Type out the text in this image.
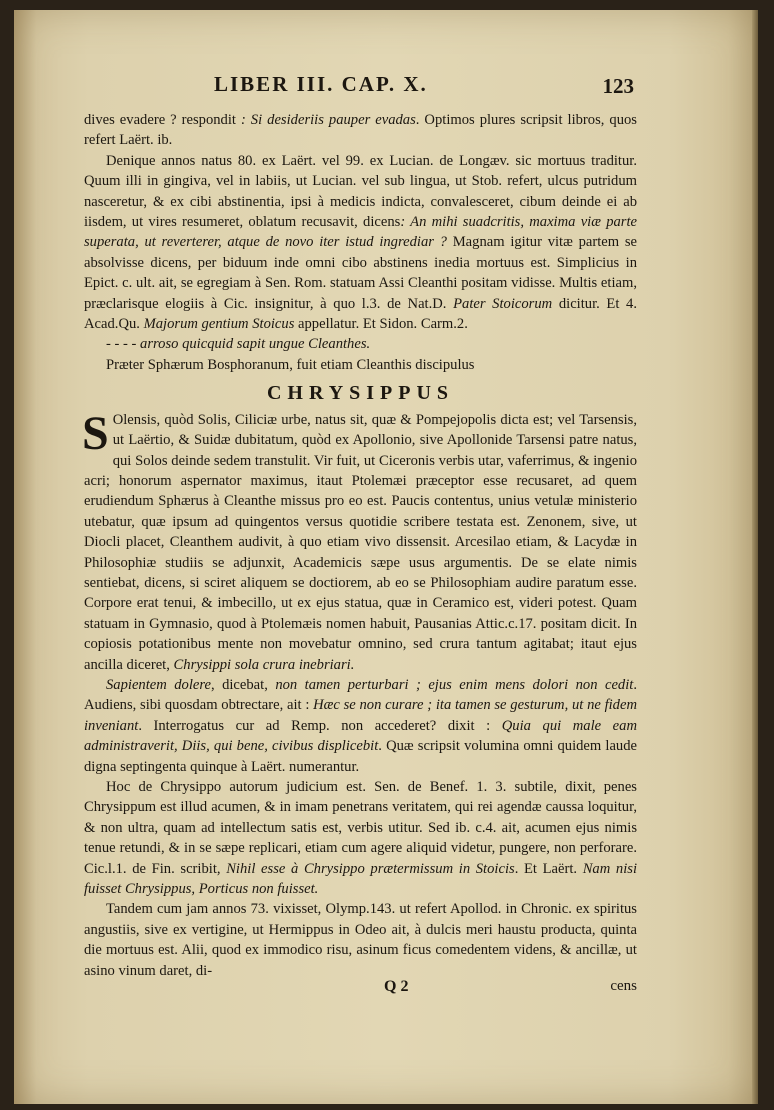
LIBER III. CAP. X.	123

dives evadere ? respondit : Si desideriis pauper evadas. Optimos plures scripsit libros, quos refert Laërt. ib.

Denique annos natus 80. ex Laërt. vel 99. ex Lucian. de Longæv. sic mortuus traditur. Quum illi in gingiva, vel in labiis, ut Lucian. vel sub lingua, ut Stob. refert, ulcus putridum nasceretur, & ex cibi abstinentia, ipsi à medicis indicta, convalesceret, cibum deinde ei ab iisdem, ut vires resumeret, oblatum recusavit, dicens: An mihi suadcritis, maxima viæ parte superata, ut reverterer, atque de novo iter istud ingrediar ? Magnam igitur vitæ partem se absolvisse dicens, per biduum inde omni cibo abstinens inedia mortuus est. Simplicius in Epict. c. ult. ait, se egregiam à Sen. Rom. statuam Assi Cleanthi positam vidisse. Multis etiam, præclarisque elogiis à Cic. insignitur, à quo l.3. de Nat.D. Pater Stoicorum dicitur. Et 4. Acad.Qu. Majorum gentium Stoicus appellatur. Et Sidon. Carm.2.

- - - - arroso quicquid sapit ungue Cleanthes.

Præter Sphærum Bosphoranum, fuit etiam Cleanthis discipulus

CHRYSIPPUS
S Olensis, quòd Solis, Ciliciæ urbe, natus sit, quæ & Pompejopolis dicta est; vel Tarsensis, ut Laërtio, & Suidæ dubitatum, quòd ex Apollonio, sive Apollonide Tarsensi patre natus, qui Solos deinde sedem transtulit. Vir fuit, ut Ciceronis verbis utar, vaferrimus, & ingenio acri; honorum aspernator maximus, itaut Ptolemæi præceptor esse recusaret, ad quem erudiendum Sphærus à Cleanthe missus pro eo est. Paucis contentus, unius vetulæ ministerio utebatur, quæ ipsum ad quingentos versus quotidie scribere testata est. Zenonem, sive, ut Diocli placet, Cleanthem audivit, à quo etiam vivo dissensit. Arcesilao etiam, & Lacydæ in Philosophiæ studiis se adjunxit, Academicis sæpe usus argumentis. De se elate nimis sentiebat, dicens, si sciret aliquem se doctiorem, ab eo se Philosophiam audire paratum esse. Corpore erat tenui, & imbecillo, ut ex ejus statua, quæ in Ceramico est, videri potest. Quam statuam in Gymnasio, quod à Ptolemæis nomen habuit, Pausanias Attic.c.17. positam dicit. In copiosis potationibus mente non movebatur omnino, sed crura tantum agitabat; itaut ejus ancilla diceret, Chrysippi sola crura inebriari.

Sapientem dolere, dicebat, non tamen perturbari ; ejus enim mens dolori non cedit. Audiens, sibi quosdam obtrectare, ait : Hæc se non curare ; ita tamen se gesturum, ut ne fidem inveniant. Interrogatus cur ad Remp. non accederet? dixit : Quia qui male eam administraverit, Diis, qui bene, civibus displicebit. Quæ scripsit volumina omni quidem laude digna septingenta quinque à Laërt. numerantur.

Hoc de Chrysippo autorum judicium est. Sen. de Benef. 1. 3. subtile, dixit, penes Chrysippum est illud acumen, & in imam penetrans veritatem, qui rei agendæ caussa loquitur, & non ultra, quam ad intellectum satis est, verbis utitur. Sed ib. c.4. ait, acumen ejus nimis tenue retundi, & in se sæpe replicari, etiam cum agere aliquid videtur, pungere, non perforare. Cic.l.1. de Fin. scribit, Nihil esse à Chrysippo prætermissum in Stoicis. Et Laërt. Nam nisi fuisset Chrysippus, Porticus non fuisset.

Tandem cum jam annos 73. vixisset, Olymp.143. ut refert Apollod. in Chronic. ex spiritus angustiis, sive ex vertigine, ut Hermippus in Odeo ait, à dulcis meri haustu producta, quinta die mortuus est. Alii, quod ex immodico risu, asinum ficus comedentem videns, & ancillæ, ut asino vinum daret, di-

Q 2	cens
